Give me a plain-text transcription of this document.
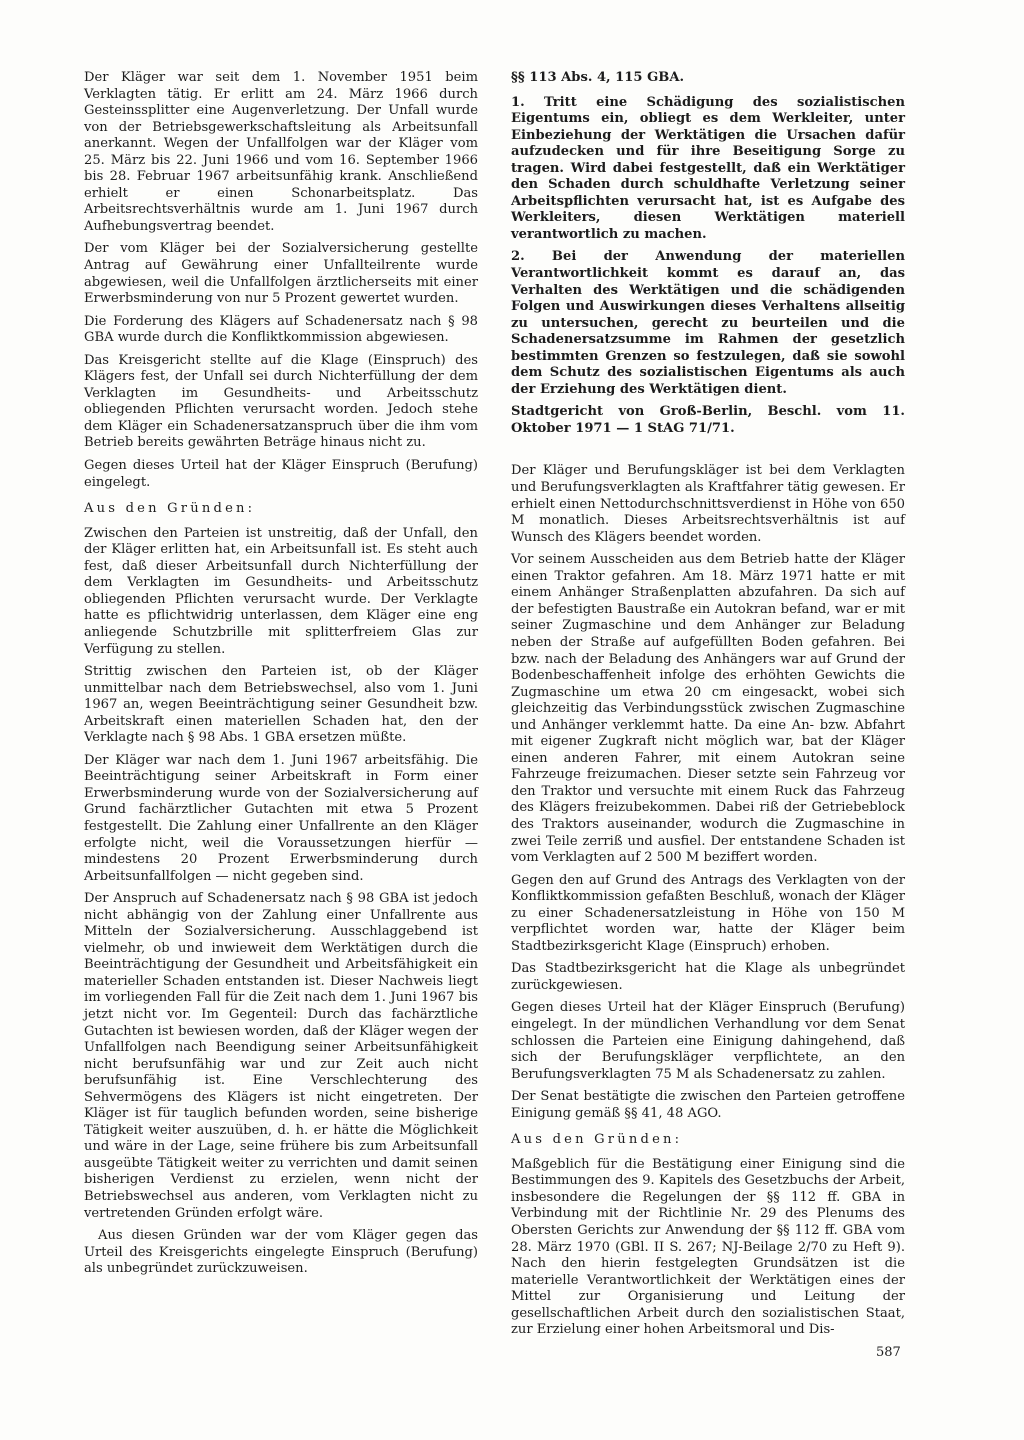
Der Kläger war seit dem 1. November 1951 beim Verklagten tätig. Er erlitt am 24. März 1966 durch Gesteinssplitter eine Augenverletzung. Der Unfall wurde von der Betriebsgewerkschaftsleitung als Arbeitsunfall anerkannt. Wegen der Unfallfolgen war der Kläger vom 25. März bis 22. Juni 1966 und vom 16. September 1966 bis 28. Februar 1967 arbeitsunfähig krank. Anschließend erhielt er einen Schonarbeitsplatz. Das Arbeitsrechtsverhältnis wurde am 1. Juni 1967 durch Aufhebungsvertrag beendet.

Der vom Kläger bei der Sozialversicherung gestellte Antrag auf Gewährung einer Unfallteilrente wurde abgewiesen, weil die Unfallfolgen ärztlicherseits mit einer Erwerbsminderung von nur 5 Prozent gewertet wurden.

Die Forderung des Klägers auf Schadenersatz nach § 98 GBA wurde durch die Konfliktkommission abgewiesen.

Das Kreisgericht stellte auf die Klage (Einspruch) des Klägers fest, der Unfall sei durch Nichterfüllung der dem Verklagten im Gesundheits- und Arbeitsschutz obliegenden Pflichten verursacht worden. Jedoch stehe dem Kläger ein Schadenersatzanspruch über die ihm vom Betrieb bereits gewährten Beträge hinaus nicht zu.

Gegen dieses Urteil hat der Kläger Einspruch (Berufung) eingelegt.

Aus den Gründen:

Zwischen den Parteien ist unstreitig, daß der Unfall, den der Kläger erlitten hat, ein Arbeitsunfall ist. Es steht auch fest, daß dieser Arbeitsunfall durch Nichterfüllung der dem Verklagten im Gesundheits- und Arbeitsschutz obliegenden Pflichten verursacht wurde. Der Verklagte hatte es pflichtwidrig unterlassen, dem Kläger eine eng anliegende Schutzbrille mit splitterfreiem Glas zur Verfügung zu stellen.

Strittig zwischen den Parteien ist, ob der Kläger unmittelbar nach dem Betriebswechsel, also vom 1. Juni 1967 an, wegen Beeinträchtigung seiner Gesundheit bzw. Arbeitskraft einen materiellen Schaden hat, den der Verklagte nach § 98 Abs. 1 GBA ersetzen müßte.

Der Kläger war nach dem 1. Juni 1967 arbeitsfähig. Die Beeinträchtigung seiner Arbeitskraft in Form einer Erwerbsminderung wurde von der Sozialversicherung auf Grund fachärztlicher Gutachten mit etwa 5 Prozent festgestellt. Die Zahlung einer Unfallrente an den Kläger erfolgte nicht, weil die Voraussetzungen hierfür — mindestens 20 Prozent Erwerbsminderung durch Arbeitsunfallfolgen — nicht gegeben sind.

Der Anspruch auf Schadenersatz nach § 98 GBA ist jedoch nicht abhängig von der Zahlung einer Unfallrente aus Mitteln der Sozialversicherung. Ausschlaggebend ist vielmehr, ob und inwieweit dem Werktätigen durch die Beeinträchtigung der Gesundheit und Arbeitsfähigkeit ein materieller Schaden entstanden ist. Dieser Nachweis liegt im vorliegenden Fall für die Zeit nach dem 1. Juni 1967 bis jetzt nicht vor. Im Gegenteil: Durch das fachärztliche Gutachten ist bewiesen worden, daß der Kläger wegen der Unfallfolgen nach Beendigung seiner Arbeitsunfähigkeit nicht berufsunfähig war und zur Zeit auch nicht berufsunfähig ist. Eine Verschlechterung des Sehvermögens des Klägers ist nicht eingetreten. Der Kläger ist für tauglich befunden worden, seine bisherige Tätigkeit weiter auszuüben, d. h. er hätte die Möglichkeit und wäre in der Lage, seine frühere bis zum Arbeitsunfall ausgeübte Tätigkeit weiter zu verrichten und damit seinen bisherigen Verdienst zu erzielen, wenn nicht der Betriebswechsel aus anderen, vom Verklagten nicht zu vertretenden Gründen erfolgt wäre.

Aus diesen Gründen war der vom Kläger gegen das Urteil des Kreisgerichts eingelegte Einspruch (Berufung) als unbegründet zurückzuweisen.

§§ 113 Abs. 4, 115 GBA.

1. Tritt eine Schädigung des sozialistischen Eigentums ein, obliegt es dem Werkleiter, unter Einbeziehung der Werktätigen die Ursachen dafür aufzudecken und für ihre Beseitigung Sorge zu tragen. Wird dabei festgestellt, daß ein Werktätiger den Schaden durch schuldhafte Verletzung seiner Arbeitspflichten verursacht hat, ist es Aufgabe des Werkleiters, diesen Werktätigen materiell verantwortlich zu machen.

2. Bei der Anwendung der materiellen Verantwortlichkeit kommt es darauf an, das Verhalten des Werktätigen und die schädigenden Folgen und Auswirkungen dieses Verhaltens allseitig zu untersuchen, gerecht zu beurteilen und die Schadenersatzsumme im Rahmen der gesetzlich bestimmten Grenzen so festzulegen, daß sie sowohl dem Schutz des sozialistischen Eigentums als auch der Erziehung des Werktätigen dient.

Stadtgericht von Groß-Berlin, Beschl. vom 11. Oktober 1971 — 1 StAG 71/71.

Der Kläger und Berufungskläger ist bei dem Verklagten und Berufungsverklagten als Kraftfahrer tätig gewesen. Er erhielt einen Nettodurchschnittsverdienst in Höhe von 650 M monatlich. Dieses Arbeitsrechtsverhältnis ist auf Wunsch des Klägers beendet worden.

Vor seinem Ausscheiden aus dem Betrieb hatte der Kläger einen Traktor gefahren. Am 18. März 1971 hatte er mit einem Anhänger Straßenplatten abzufahren. Da sich auf der befestigten Baustraße ein Autokran befand, war er mit seiner Zugmaschine und dem Anhänger zur Beladung neben der Straße auf aufgefüllten Boden gefahren. Bei bzw. nach der Beladung des Anhängers war auf Grund der Bodenbeschaffenheit infolge des erhöhten Gewichts die Zugmaschine um etwa 20 cm eingesackt, wobei sich gleichzeitig das Verbindungsstück zwischen Zugmaschine und Anhänger verklemmt hatte. Da eine An- bzw. Abfahrt mit eigener Zugkraft nicht möglich war, bat der Kläger einen anderen Fahrer, mit einem Autokran seine Fahrzeuge freizumachen. Dieser setzte sein Fahrzeug vor den Traktor und versuchte mit einem Ruck das Fahrzeug des Klägers freizubekommen. Dabei riß der Getriebeblock des Traktors auseinander, wodurch die Zugmaschine in zwei Teile zerriß und ausfiel. Der entstandene Schaden ist vom Verklagten auf 2 500 M beziffert worden.

Gegen den auf Grund des Antrags des Verklagten von der Konfliktkommission gefaßten Beschluß, wonach der Kläger zu einer Schadenersatzleistung in Höhe von 150 M verpflichtet worden war, hatte der Kläger beim Stadtbezirksgericht Klage (Einspruch) erhoben.

Das Stadtbezirksgericht hat die Klage als unbegründet zurückgewiesen.

Gegen dieses Urteil hat der Kläger Einspruch (Berufung) eingelegt. In der mündlichen Verhandlung vor dem Senat schlossen die Parteien eine Einigung dahingehend, daß sich der Berufungskläger verpflichtete, an den Berufungsverklagten 75 M als Schadenersatz zu zahlen.

Der Senat bestätigte die zwischen den Parteien getroffene Einigung gemäß §§ 41, 48 AGO.

Aus den Gründen:

Maßgeblich für die Bestätigung einer Einigung sind die Bestimmungen des 9. Kapitels des Gesetzbuchs der Arbeit, insbesondere die Regelungen der §§ 112 ff. GBA in Verbindung mit der Richtlinie Nr. 29 des Plenums des Obersten Gerichts zur Anwendung der §§ 112 ff. GBA vom 28. März 1970 (GBl. II S. 267; NJ-Beilage 2/70 zu Heft 9). Nach den hierin festgelegten Grundsätzen ist die materielle Verantwortlichkeit der Werktätigen eines der Mittel zur Organisierung und Leitung der gesellschaftlichen Arbeit durch den sozialistischen Staat, zur Erzielung einer hohen Arbeitsmoral und Dis-

587
